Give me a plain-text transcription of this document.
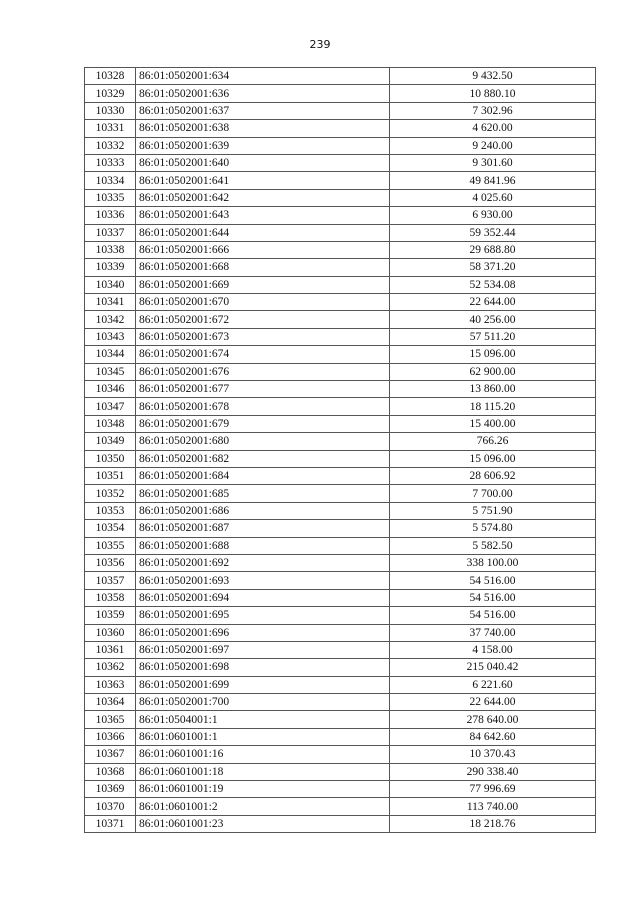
239
10328	86:01:0502001:634	9 432.50
10329	86:01:0502001:636	10 880.10
10330	86:01:0502001:637	7 302.96
10331	86:01:0502001:638	4 620.00
10332	86:01:0502001:639	9 240.00
10333	86:01:0502001:640	9 301.60
10334	86:01:0502001:641	49 841.96
10335	86:01:0502001:642	4 025.60
10336	86:01:0502001:643	6 930.00
10337	86:01:0502001:644	59 352.44
10338	86:01:0502001:666	29 688.80
10339	86:01:0502001:668	58 371.20
10340	86:01:0502001:669	52 534.08
10341	86:01:0502001:670	22 644.00
10342	86:01:0502001:672	40 256.00
10343	86:01:0502001:673	57 511.20
10344	86:01:0502001:674	15 096.00
10345	86:01:0502001:676	62 900.00
10346	86:01:0502001:677	13 860.00
10347	86:01:0502001:678	18 115.20
10348	86:01:0502001:679	15 400.00
10349	86:01:0502001:680	766.26
10350	86:01:0502001:682	15 096.00
10351	86:01:0502001:684	28 606.92
10352	86:01:0502001:685	7 700.00
10353	86:01:0502001:686	5 751.90
10354	86:01:0502001:687	5 574.80
10355	86:01:0502001:688	5 582.50
10356	86:01:0502001:692	338 100.00
10357	86:01:0502001:693	54 516.00
10358	86:01:0502001:694	54 516.00
10359	86:01:0502001:695	54 516.00
10360	86:01:0502001:696	37 740.00
10361	86:01:0502001:697	4 158.00
10362	86:01:0502001:698	215 040.42
10363	86:01:0502001:699	6 221.60
10364	86:01:0502001:700	22 644.00
10365	86:01:0504001:1	278 640.00
10366	86:01:0601001:1	84 642.60
10367	86:01:0601001:16	10 370.43
10368	86:01:0601001:18	290 338.40
10369	86:01:0601001:19	77 996.69
10370	86:01:0601001:2	113 740.00
10371	86:01:0601001:23	18 218.76
